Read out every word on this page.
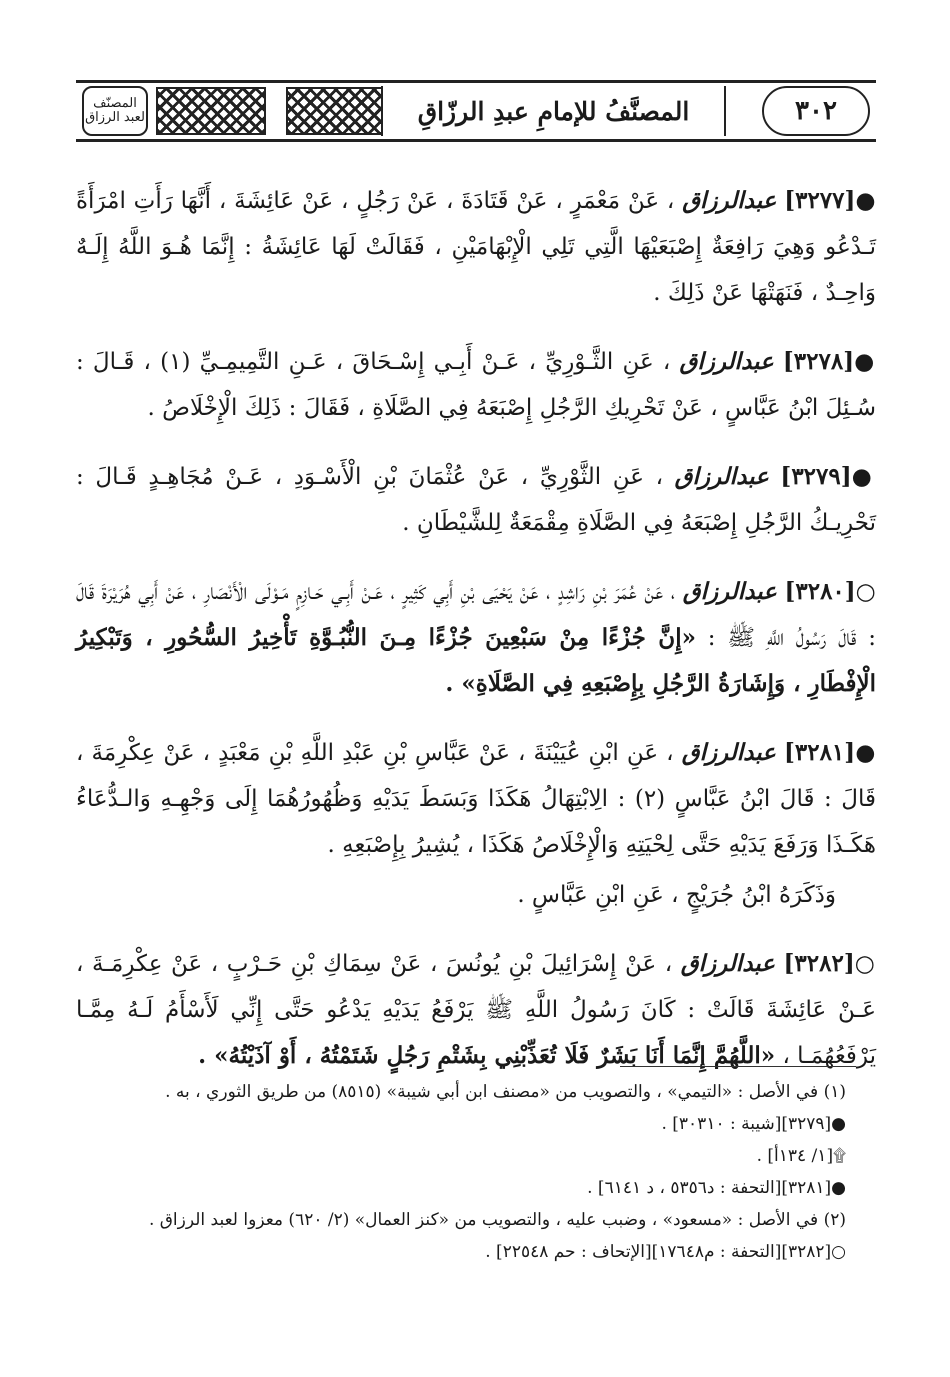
المصنّف لعبد الرزاق	المصنَّفُ للإمامِ عبدِ الرزّاقِ	٣٠٢

●[٣٢٧٧] عبدالرزاق ، عَنْ مَعْمَرٍ ، عَنْ قَتَادَةَ ، عَنْ رَجُلٍ ، عَنْ عَائِشَةَ ، أَنَّهَا رَأَتِ امْرَأَةً تَـدْعُو وَهِيَ رَافِعَةٌ إِصْبَعَيْهَا الَّتِي تَلِي الْإِبْهَامَيْنِ ، فَقَالَتْ لَهَا عَائِشَةُ : إِنَّمَا هُـوَ اللَّهُ إِلَـهٌ وَاحِـدٌ ، فَنَهَتْهَا عَنْ ذَلِكَ .

●[٣٢٧٨] عبدالرزاق ، عَنِ الثَّـوْرِيِّ ، عَـنْ أَبِـي إِسْـحَاقَ ، عَـنِ التَّمِيمِـيِّ (١) ، قَـالَ : سُـئِلَ ابْنُ عَبَّاسٍ ، عَنْ تَحْرِيكِ الرَّجُلِ إِصْبَعَهُ فِي الصَّلَاةِ ، فَقَالَ : ذَلِكَ الْإِخْلَاصُ .

●[٣٢٧٩] عبدالرزاق ، عَنِ الثَّوْرِيِّ ، عَنْ عُثْمَانَ بْنِ الْأَسْـوَدِ ، عَـنْ مُجَاهِـدٍ قَـالَ : تَحْرِيـكُ الرَّجُلِ إِصْبَعَهُ فِي الصَّلَاةِ مِقْمَعَةٌ لِلشَّيْطَانِ .

○[٣٢٨٠] عبدالرزاق ، عَنْ عُمَرَ بْنِ رَاشِدٍ ، عَنْ يَحْيَى بْنِ أَبِي كَثِيرٍ ، عَـنْ أَبِـي حَـازِمٍ مَـوْلَى الْأَنْصَارِ ، عَنْ أَبِي هُرَيْرَةَ قَالَ : قَالَ رَسُولُ اللَّهِ ﷺ : «إِنَّ جُزْءًا مِنْ سَبْعِينَ جُزْءًا مِـنَ النُّبُـوَّةِ تَأْخِيرُ السُّحُورِ ، وَتَبْكِيرُ الْإِفْطَارِ ، وَإِشَارَةُ الرَّجُلِ بِإِصْبَعِهِ فِي الصَّلَاةِ» .

●[٣٢٨١] عبدالرزاق ، عَنِ ابْنِ عُيَيْنَةَ ، عَنْ عَبَّاسِ بْنِ عَبْدِ اللَّهِ بْنِ مَعْبَدٍ ، عَنْ عِكْرِمَةَ ، قَالَ : قَالَ ابْنُ عَبَّاسٍ (٢) : الِابْتِهَالُ هَكَذَا وَبَسَطَ يَدَيْهِ وَظُهُورُهُمَا إِلَى وَجْهِـهِ وَالـدُّعَاءُ هَكَـذَا وَرَفَعَ يَدَيْهِ حَتَّى لِحْيَتِهِ وَالْإِخْلَاصُ هَكَذَا ، يُشِيرُ بِإِصْبَعِهِ .

وَذَكَرَهُ ابْنُ جُرَيْجٍ ، عَنِ ابْنِ عَبَّاسٍ .

○[٣٢٨٢] عبدالرزاق ، عَنْ إِسْرَائِيلَ بْنِ يُونُسَ ، عَنْ سِمَاكِ بْنِ حَـرْبٍ ، عَنْ عِكْرِمَـةَ ، عَـنْ عَائِشَةَ قَالَتْ : كَانَ رَسُولُ اللَّهِ ﷺ يَرْفَعُ يَدَيْهِ يَدْعُو حَتَّى إِنِّي لَأَسْأَمُ لَـهُ مِمَّـا يَرْفَعُهُمَـا ، «اللَّهُمَّ إِنَّمَا أَنَا بَشَرٌ فَلَا تُعَذِّبْنِي بِشَتْمِ رَجُلٍ شَتَمْتُهُ ، أَوْ آذَيْتُهُ» .

(١) في الأصل : «التيمي» ، والتصويب من «مصنف ابن أبي شيبة» (٨٥١٥) من طريق الثوري ، به .

●[٣٢٧٩][شيبة : ٣٠٣١٠] .

۩[١/ ١٣٤أ] .

●[٣٢٨١][التحفة : د٥٣٥٦ ، د ٦١٤١] .

(٢) في الأصل : «مسعود» ، وضبب عليه ، والتصويب من «كنز العمال» (٢/ ٦٢٠) معزوا لعبد الرزاق .

○[٣٢٨٢][التحفة : م١٧٦٤٨][الإتحاف : حم ٢٢٥٤٨] .
